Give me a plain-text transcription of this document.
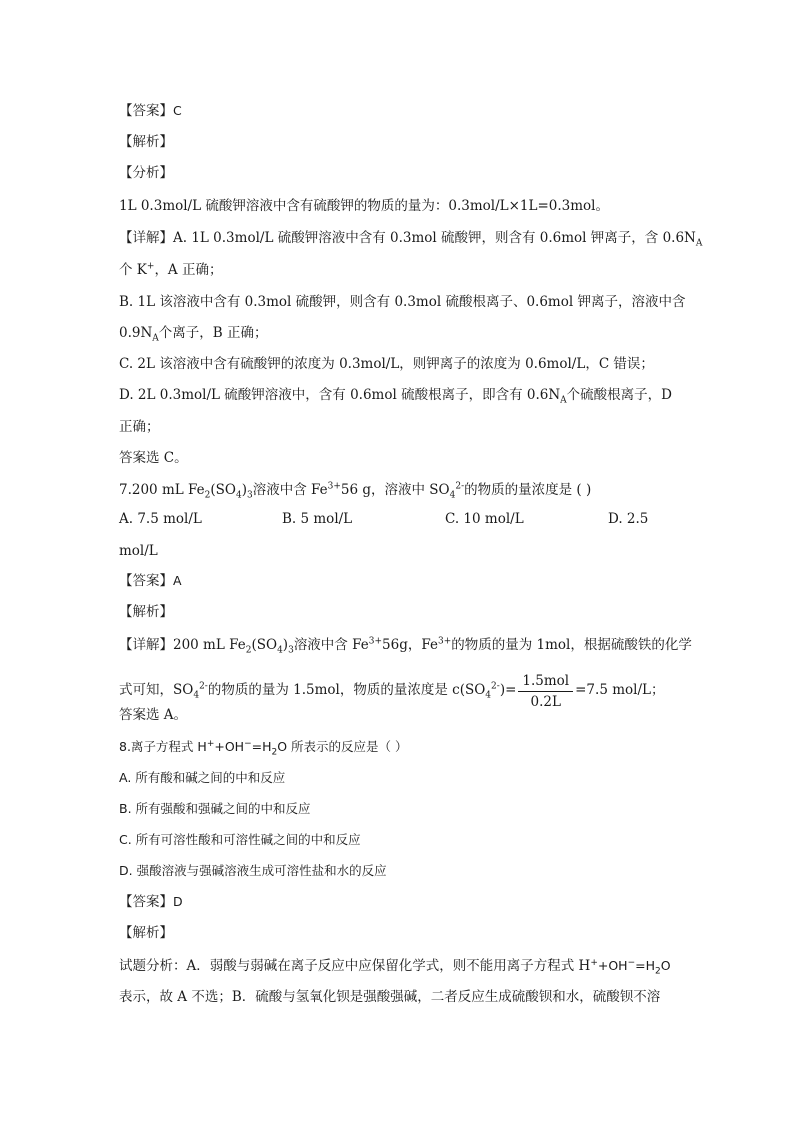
【答案】C
【解析】
【分析】
1L 0.3mol/L 硫酸钾溶液中含有硫酸钾的物质的量为：0.3mol/L×1L=0.3mol。
【详解】A. 1L 0.3mol/L 硫酸钾溶液中含有 0.3mol 硫酸钾，则含有 0.6mol 钾离子，含 $0.6N_A$
个 K+，A 正确；
B. 1L 该溶液中含有 0.3mol 硫酸钾，则含有 0.3mol 硫酸根离子、0.6mol 钾离子，溶液中含
$0.9N_A$个离子，B 正确；
C. 2L 该溶液中含有硫酸钾的浓度为 0.3mol/L，则钾离子的浓度为 0.6mol/L，C 错误；
D. 2L 0.3mol/L 硫酸钾溶液中，含有 0.6mol 硫酸根离子，即含有 $0.6N_A$个硫酸根离子，D
正确；
答案选 C。
7.200 mL $Fe_2(SO_4)_3$溶液中含 $Fe^{3+}56$ g，溶液中 $SO_4^{2-}$的物质的量浓度是 ( )
A. 7.5 mol/L	B. 5 mol/L	C. 10 mol/L	D. 2.5
mol/L
【答案】A
【解析】
【详解】200 mL $Fe_2(SO_4)_3$溶液中含 $Fe^{3+}56g$，$Fe^{3+}$的物质的量为 1mol，根据硫酸铁的化学
式可知，$SO_4^{2-}$的物质的量为 1.5mol，物质的量浓度是 $c(SO_4^{2-})= \frac{\text{1.5mol}}{0.2L} =7.5$ mol/L；
答案选 A。
8.离子方程式 $H^++OH^-=H_2O$ 所表示的反应是（ ）
A. 所有酸和碱之间的中和反应
B. 所有强酸和强碱之间的中和反应
C. 所有可溶性酸和可溶性碱之间的中和反应
D. 强酸溶液与强碱溶液生成可溶性盐和水的反应
【答案】D
【解析】
试题分析：A．弱酸与弱碱在离子反应中应保留化学式，则不能用离子方程式 $H^++OH^-=H_2O$
表示，故 A 不选；B．硫酸与氢氧化钡是强酸强碱，二者反应生成硫酸钡和水，硫酸钡不溶
